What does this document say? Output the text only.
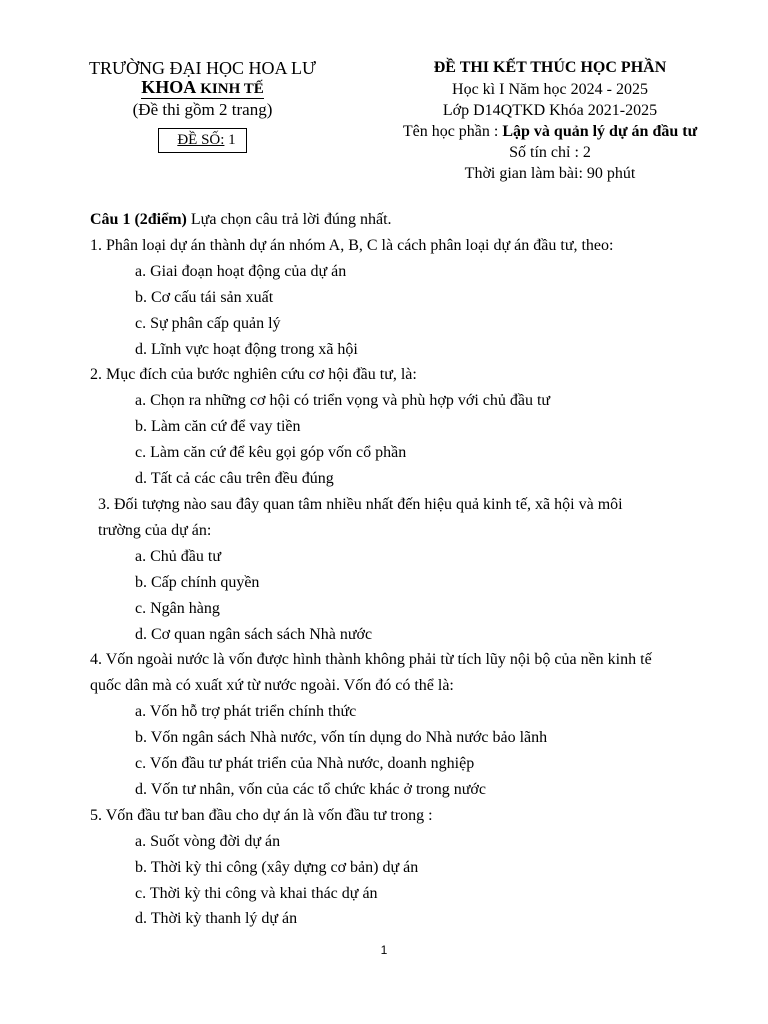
TRƯỜNG ĐẠI HỌC HOA LƯ
KHOA KINH TẾ
(Đề thi gồm 2 trang)
ĐỀ SỐ: 1
ĐỀ THI KẾT THÚC HỌC PHẦN
Học kì I Năm học 2024 - 2025
Lớp D14QTKD Khóa 2021-2025
Tên học phần : Lập và quản lý dự án đầu tư
Số tín chỉ : 2
Thời gian làm bài: 90 phút
Câu 1 (2điểm) Lựa chọn câu trả lời đúng nhất.
1. Phân loại dự án thành dự án nhóm A, B, C là cách phân loại dự án đầu tư, theo:
a. Giai đoạn hoạt động của dự án
b. Cơ cấu tái sản xuất
c. Sự phân cấp quản lý
d. Lĩnh vực hoạt động trong xã hội
2. Mục đích của bước nghiên cứu cơ hội đầu tư, là:
a. Chọn ra những cơ hội có triển vọng và phù hợp với chủ đầu tư
b. Làm căn cứ để vay tiền
c. Làm căn cứ để kêu gọi góp vốn cổ phần
d. Tất cả các câu trên đều đúng
3. Đối tượng nào sau đây quan tâm nhiều nhất đến hiệu quả kinh tế, xã hội và môi
trường của dự án:
a. Chủ đầu tư
b. Cấp chính quyền
c. Ngân hàng
d. Cơ quan ngân sách sách Nhà nước
4. Vốn ngoài nước là vốn được hình thành không phải từ tích lũy nội bộ của nền kinh tế
quốc dân mà có xuất xứ từ nước ngoài. Vốn đó có thể là:
a. Vốn hỗ trợ phát triển chính thức
b. Vốn ngân sách Nhà nước, vốn tín dụng do Nhà nước bảo lãnh
c. Vốn đầu tư phát triển của Nhà nước, doanh nghiệp
d. Vốn tư nhân, vốn của các tổ chức khác ở trong nước
5. Vốn đầu tư ban đầu cho dự án là vốn đầu tư trong :
a. Suốt vòng đời dự án
b. Thời kỳ thi công (xây dựng cơ bản) dự án
c. Thời kỳ thi công và khai thác dự án
d. Thời kỳ thanh lý dự án
1
